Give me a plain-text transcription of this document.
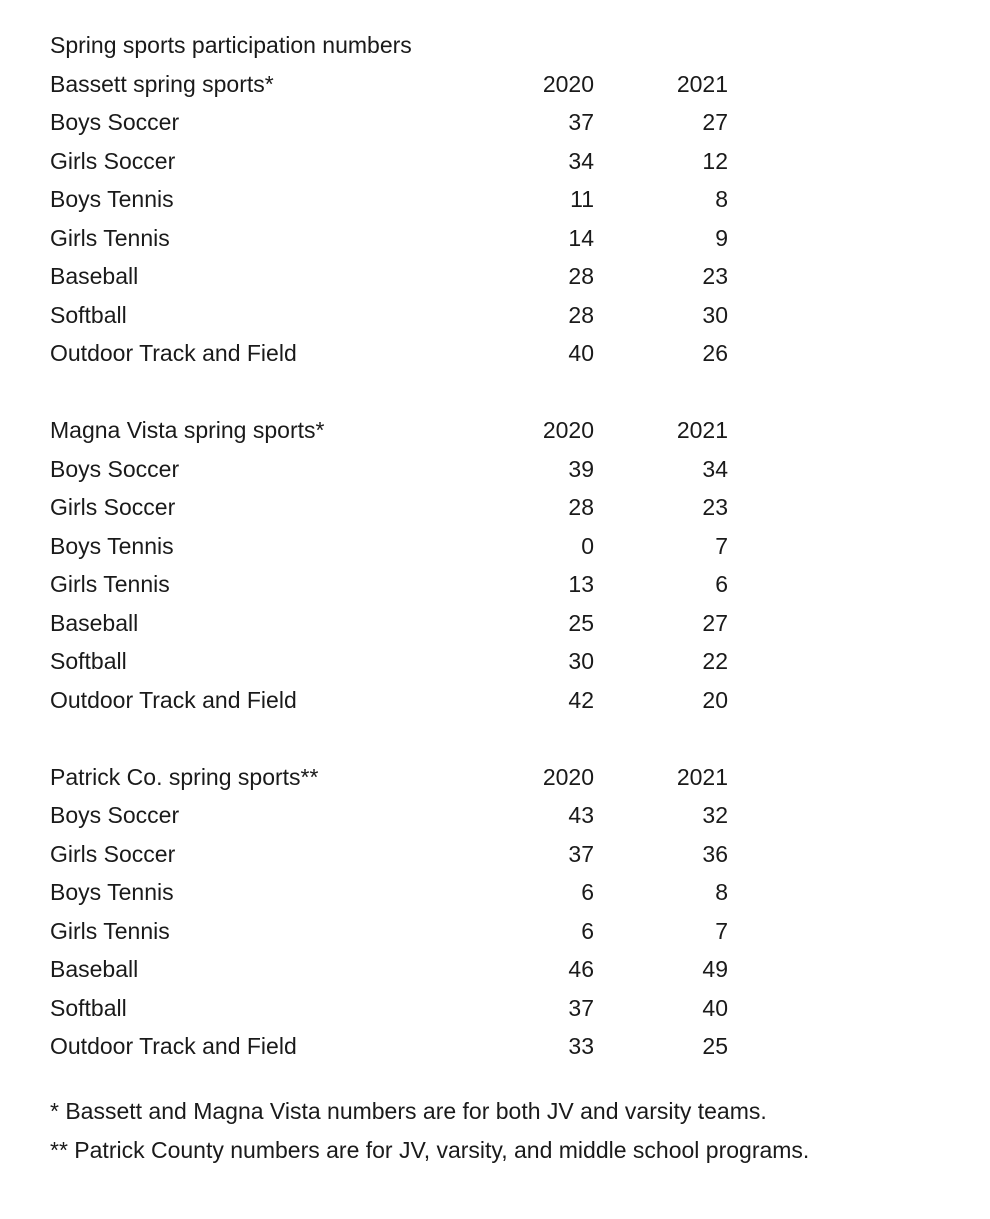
Spring sports participation numbers
Bassett spring sports*	2020	2021
Boys Soccer	37	27
Girls Soccer	34	12
Boys Tennis	11	8
Girls Tennis	14	9
Baseball	28	23
Softball	28	30
Outdoor Track and Field	40	26
Magna Vista spring sports*	2020	2021
Boys Soccer	39	34
Girls Soccer	28	23
Boys Tennis	0	7
Girls Tennis	13	6
Baseball	25	27
Softball	30	22
Outdoor Track and Field	42	20
Patrick Co. spring sports**	2020	2021
Boys Soccer	43	32
Girls Soccer	37	36
Boys Tennis	6	8
Girls Tennis	6	7
Baseball	46	49
Softball	37	40
Outdoor Track and Field	33	25
* Bassett and Magna Vista numbers are for both JV and varsity teams.
** Patrick County numbers are for JV, varsity, and middle school programs.
